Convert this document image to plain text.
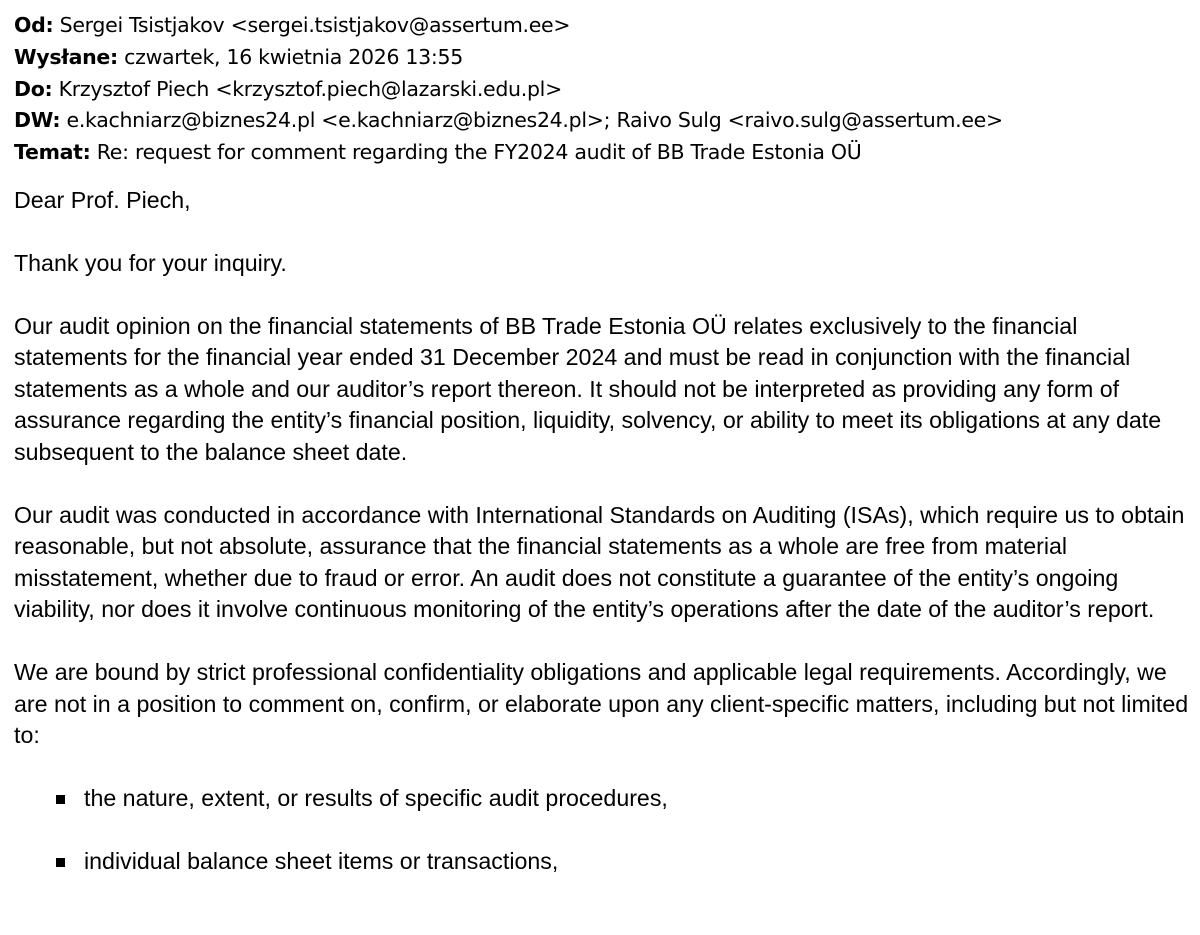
Od: Sergei Tsistjakov <sergei.tsistjakov@assertum.ee>
Wysłane: czwartek, 16 kwietnia 2026 13:55
Do: Krzysztof Piech <krzysztof.piech@lazarski.edu.pl>
DW: e.kachniarz@biznes24.pl <e.kachniarz@biznes24.pl>; Raivo Sulg <raivo.sulg@assertum.ee>
Temat: Re: request for comment regarding the FY2024 audit of BB Trade Estonia OÜ

Dear Prof. Piech,

Thank you for your inquiry.

Our audit opinion on the financial statements of BB Trade Estonia OÜ relates exclusively to the financial statements for the financial year ended 31 December 2024 and must be read in conjunction with the financial statements as a whole and our auditor’s report thereon. It should not be interpreted as providing any form of assurance regarding the entity’s financial position, liquidity, solvency, or ability to meet its obligations at any date subsequent to the balance sheet date.

Our audit was conducted in accordance with International Standards on Auditing (ISAs), which require us to obtain reasonable, but not absolute, assurance that the financial statements as a whole are free from material misstatement, whether due to fraud or error. An audit does not constitute a guarantee of the entity’s ongoing viability, nor does it involve continuous monitoring of the entity’s operations after the date of the auditor’s report.

We are bound by strict professional confidentiality obligations and applicable legal requirements. Accordingly, we are not in a position to comment on, confirm, or elaborate upon any client-specific matters, including but not limited to:

the nature, extent, or results of specific audit procedures,
individual balance sheet items or transactions,
